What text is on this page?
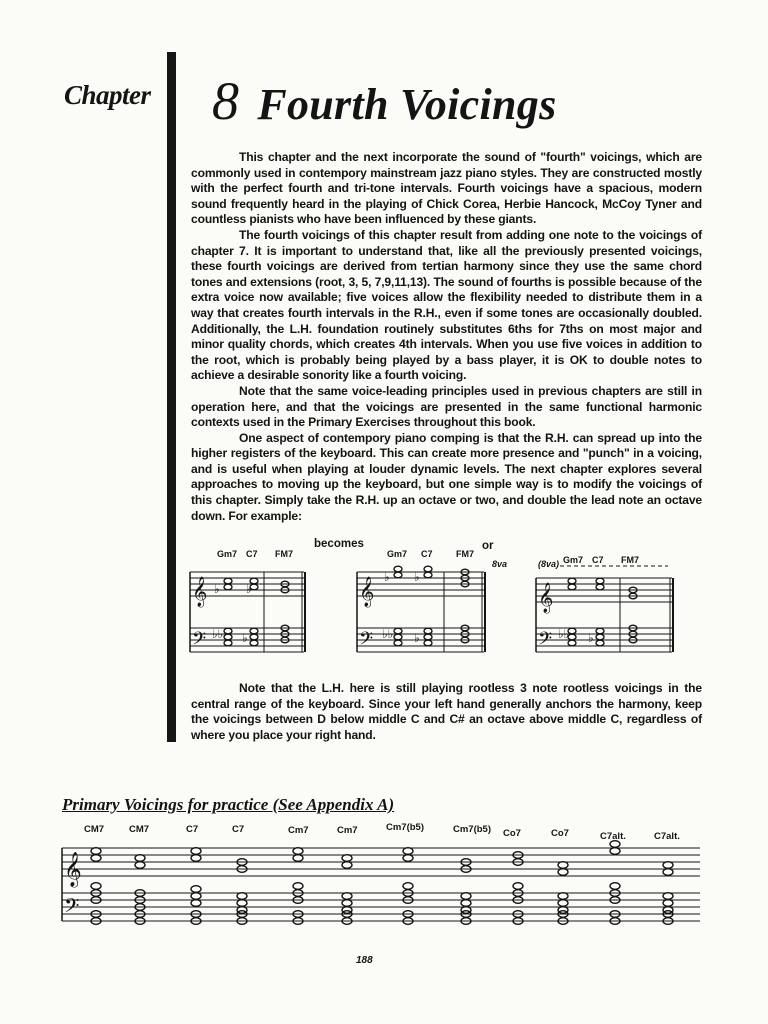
Chapter 8 Fourth Voicings

This chapter and the next incorporate the sound of "fourth" voicings, which are commonly used in contempory mainstream jazz piano styles. They are constructed mostly with the perfect fourth and tri-tone intervals. Fourth voicings have a spacious, modern sound frequently heard in the playing of Chick Corea, Herbie Hancock, McCoy Tyner and countless pianists who have been influenced by these giants.

The fourth voicings of this chapter result from adding one note to the voicings of chapter 7. It is important to understand that, like all the previously presented voicings, these fourth voicings are derived from tertian harmony since they use the same chord tones and extensions (root, 3, 5, 7,9,11,13). The sound of fourths is possible because of the extra voice now available; five voices allow the flexibility needed to distribute them in a way that creates fourth intervals in the R.H., even if some tones are occasionally doubled. Additionally, the L.H. foundation routinely substitutes 6ths for 7ths on most major and minor quality chords, which creates 4th intervals. When you use five voices in addition to the root, which is probably being played by a bass player, it is OK to double notes to achieve a desirable sonority like a fourth voicing.

Note that the same voice-leading principles used in previous chapters are still in operation here, and that the voicings are presented in the same functional harmonic contexts used in the Primary Exercises throughout this book.

One aspect of contempory piano comping is that the R.H. can spread up into the higher registers of the keyboard. This can create more presence and "punch" in a voicing, and is useful when playing at louder dynamic levels. The next chapter explores several approaches to moving up the keyboard, but one simple way is to modify the voicings of this chapter. Simply take the R.H. up an octave or two, and double the lead note an octave down. For example:

becomes	or
8va	(8va)
Gm7 C7 FM7	Gm7 C7	FM7
Gm7 C7 FM7
𝄞
𝄢
𝄞
𝄢
𝄞
𝄢
♭ ♭
♭♭ ♭
♭ ♭
♭♭ ♭	♭♭ ♭

Note that the L.H. here is still playing rootless 3 note rootless voicings in the central range of the keyboard. Since your left hand generally anchors the harmony, keep the voicings between D below middle C and C# an octave above middle C, regardless of where you place your right hand.

Primary Voicings for practice (See Appendix A)
CM7	CM7	C7	C7	Cm7	Cm7	Cm7(b5)	Cm7(b5) Co7	Co7	C7alt.	C7alt.
𝄞
𝄢
188
